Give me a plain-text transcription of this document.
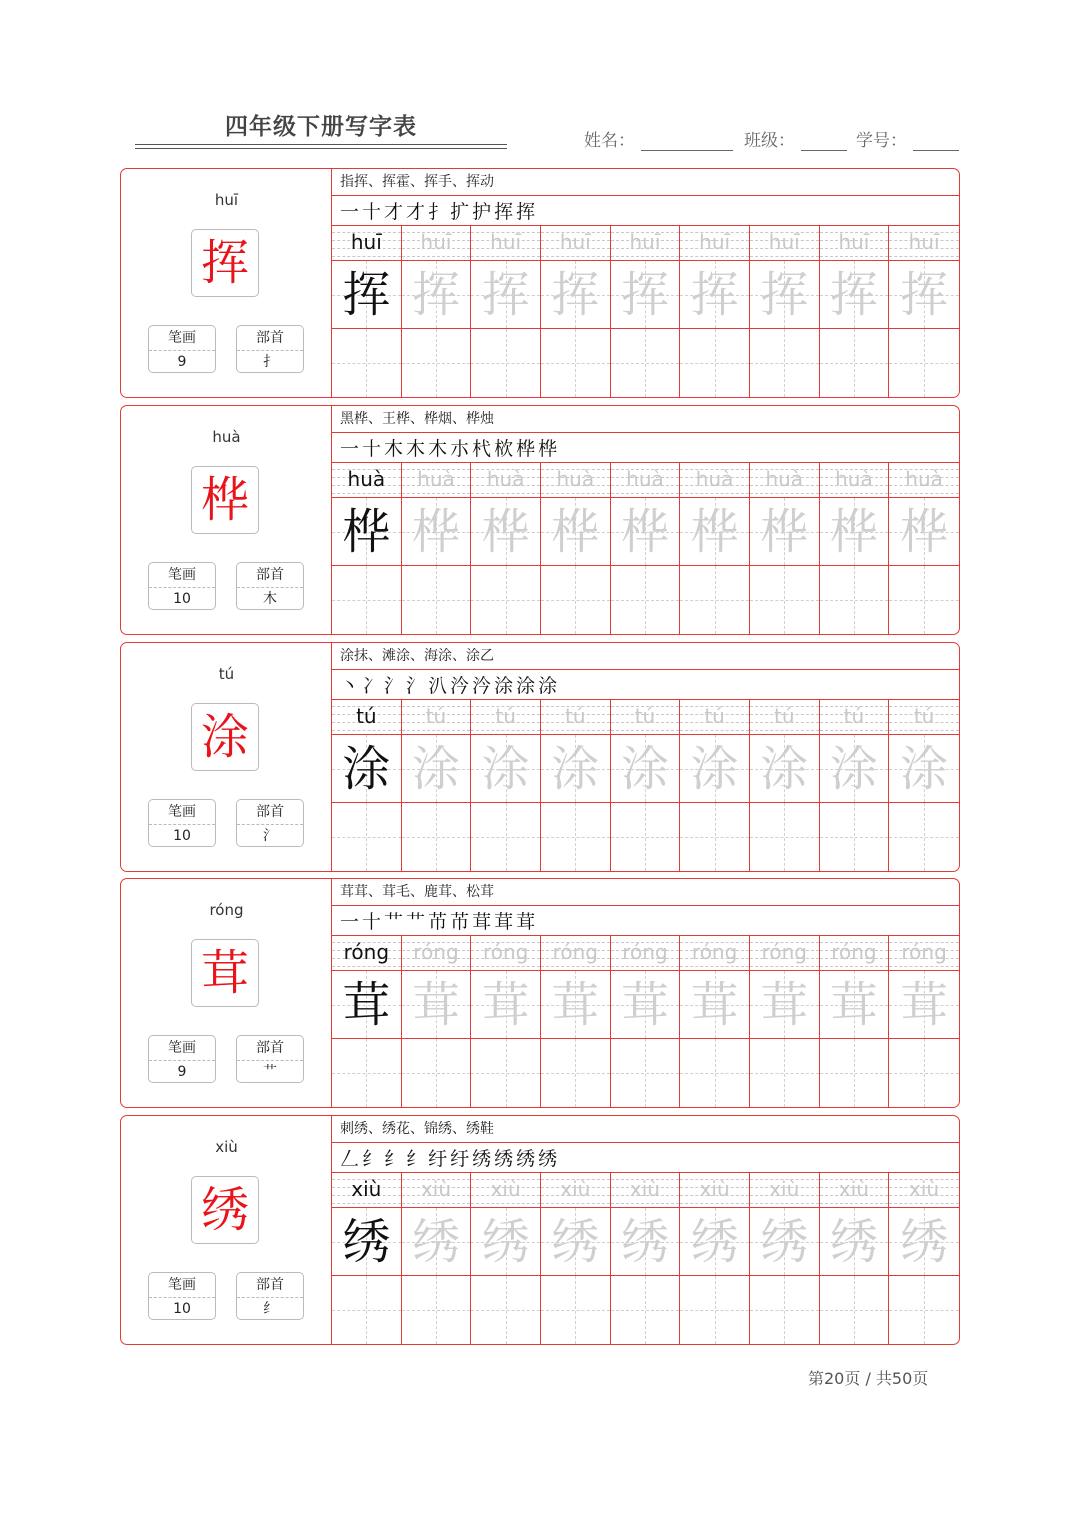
四年级下册写字表
姓名：	班级：	学号：
huī
挥
笔画
9
部首
扌
指挥、挥霍、挥手、挥动
一 十 才 才 扌 扩 护 挥 挥
huī
挥
huī
挥
huī
挥
huī
挥
huī
挥
huī
挥
huī
挥
huī
挥
huī
挥
huà
桦
笔画
10
部首
木
黑桦、王桦、桦烟、桦烛
一 十 木 木 木 朩 杙 栨 桦 桦
huà
桦
huà
桦
huà
桦
huà
桦
huà
桦
huà
桦
huà
桦
huà
桦
huà
桦
tú
涂
笔画
10
部首
氵
涂抹、滩涂、海涂、涂乙
丶 冫 氵 氵 汃 汵 汵 涂 涂 涂
tú
涂
tú
涂
tú
涂
tú
涂
tú
涂
tú
涂
tú
涂
tú
涂
tú
涂
róng
茸
笔画
9
部首
艹
茸茸、茸毛、鹿茸、松茸
一 十 艹 艹 芇 芇 茸 茸 茸
róng
茸
róng
茸
róng
茸
róng
茸
róng
茸
róng
茸
róng
茸
róng
茸
róng
茸
xiù
绣
笔画
10
部首
纟
刺绣、绣花、锦绣、绣鞋
𠃋 纟 纟 纟 纡 纡 绣 绣 绣 绣
xiù
绣
xiù
绣
xiù
绣
xiù
绣
xiù
绣
xiù
绣
xiù
绣
xiù
绣
xiù
绣
第20页 / 共50页
